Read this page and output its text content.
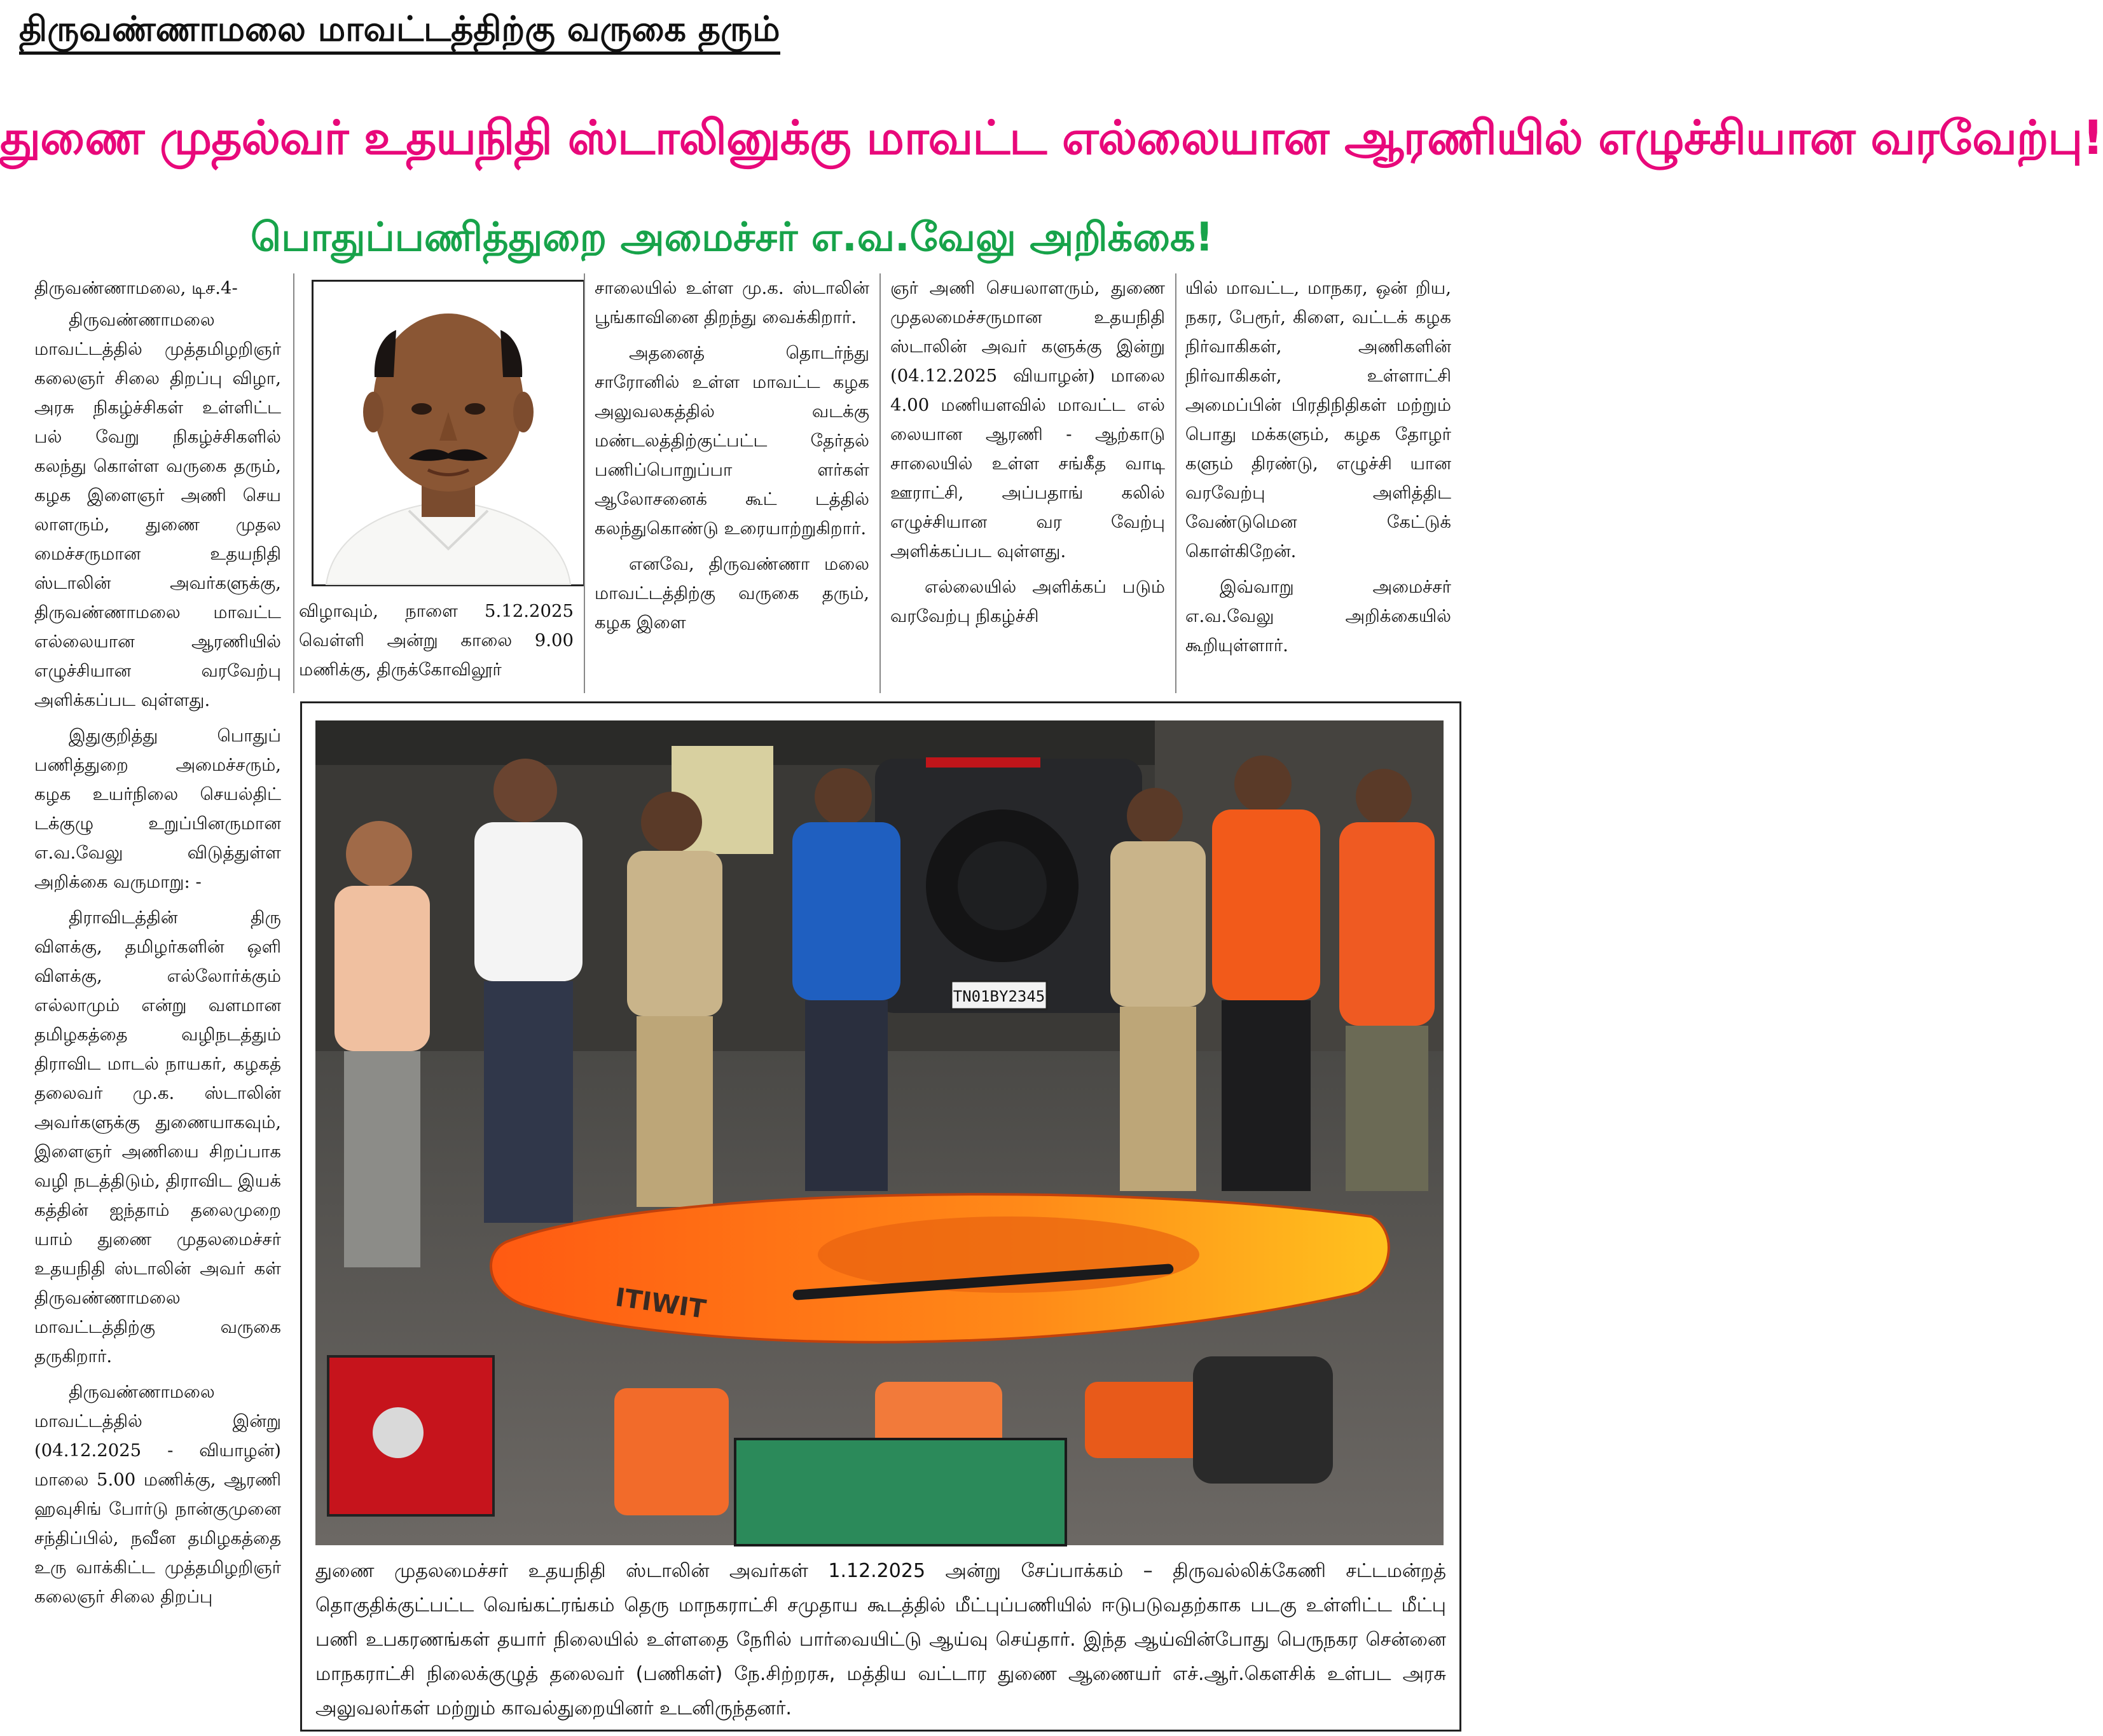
திருவண்ணாமலை மாவட்டத்திற்கு வருகை தரும்
துணை முதல்வர் உதயநிதி ஸ்டாலினுக்கு மாவட்ட எல்லையான ஆரணியில் எழுச்சியான வரவேற்பு!
பொதுப்பணித்துறை அமைச்சர் எ.வ.வேலு அறிக்கை!

திருவண்ணாமலை, டிச.4-

திருவண்ணாமலை மாவட்டத்தில் முத்தமிழறிஞர் கலைஞர் சிலை திறப்பு விழா, அரசு நிகழ்ச்சிகள் உள்ளிட்ட பல் வேறு நிகழ்ச்சிகளில் கலந்து கொள்ள வருகை தரும், கழக இளைஞர் அணி செய லாளரும், துணை முதல மைச்சருமான உதயநிதி ஸ்டாலின் அவர்களுக்கு, திருவண்ணாமலை மாவட்ட எல்லையான ஆரணியில் எழுச்சியான வரவேற்பு அளிக்கப்பட வுள்ளது.

இதுகுறித்து பொதுப் பணித்துறை அமைச்சரும், கழக உயர்நிலை செயல்திட் டக்குழு உறுப்பினருமான எ.வ.வேலு விடுத்துள்ள அறிக்கை வருமாறு: -

திராவிடத்தின் திரு விளக்கு, தமிழர்களின் ஒளி விளக்கு, எல்லோர்க்கும் எல்லாமும் என்று வளமான தமிழகத்தை வழிநடத்தும் திராவிட மாடல் நாயகர், கழகத் தலைவர் மு.க. ஸ்டாலின் அவர்களுக்கு துணையாகவும், இளைஞர் அணியை சிறப்பாக வழி நடத்திடும், திராவிட இயக் கத்தின் ஐந்தாம் தலைமுறை யாம் துணை முதலமைச்சர் உதயநிதி ஸ்டாலின் அவர் கள் திருவண்ணாமலை மாவட்டத்திற்கு வருகை தருகிறார்.

திருவண்ணாமலை மாவட்டத்தில் இன்று (04.12.2025 - வியாழன்) மாலை 5.00 மணிக்கு, ஆரணி ஹவுசிங் போர்டு நான்குமுனை சந்திப்பில், நவீன தமிழகத்தை உரு வாக்கிட்ட முத்தமிழறிஞர் கலைஞர் சிலை திறப்பு

விழாவும், நாளை 5.12.2025 வெள்ளி அன்று காலை 9.00 மணிக்கு, திருக்கோவிலூர்

சாலையில் உள்ள மு.க. ஸ்டாலின் பூங்காவினை திறந்து வைக்கிறார்.

அதனைத் தொடர்ந்து சாரோனில் உள்ள மாவட்ட கழக அலுவலகத்தில் வடக்கு மண்டலத்திற்குட்பட்ட தேர்தல் பணிப்பொறுப்பா ளர்கள் ஆலோசனைக் கூட் டத்தில் கலந்துகொண்டு உரையாற்றுகிறார்.

எனவே, திருவண்ணா மலை மாவட்டத்திற்கு வருகை தரும், கழக இளை

ஞர் அணி செயலாளரும், துணை முதலமைச்சருமான உதயநிதி ஸ்டாலின் அவர் களுக்கு இன்று (04.12.2025 வியாழன்) மாலை 4.00 மணியளவில் மாவட்ட எல் லையான ஆரணி - ஆற்காடு சாலையில் உள்ள சங்கீத வாடி ஊராட்சி, அப்பதாங் கலில் எழுச்சியான வர வேற்பு அளிக்கப்பட வுள்ளது.

எல்லையில் அளிக்கப் படும் வரவேற்பு நிகழ்ச்சி

யில் மாவட்ட, மாநகர, ஒன் றிய, நகர, பேரூர், கிளை, வட்டக் கழக நிர்வாகிகள், அணிகளின் நிர்வாகிகள், உள்ளாட்சி அமைப்பின் பிரதிநிதிகள் மற்றும் பொது மக்களும், கழக தோழர் களும் திரண்டு, எழுச்சி யான வரவேற்பு அளித்திட வேண்டுமென கேட்டுக் கொள்கிறேன்.

இவ்வாறு அமைச்சர் எ.வ.வேலு அறிக்கையில் கூறியுள்ளார்.

TN01BY2345
ITIWIT
துணை முதலமைச்சர் உதயநிதி ஸ்டாலின் அவர்கள் 1.12.2025 அன்று சேப்பாக்கம் – திருவல்லிக்கேணி சட்டமன்றத் தொகுதிக்குட்பட்ட வெங்கட்ரங்கம் தெரு மாநகராட்சி சமுதாய கூடத்தில் மீட்புப்பணியில் ஈடுபடுவதற்காக படகு உள்ளிட்ட மீட்பு பணி உபகரணங்கள் தயார் நிலையில் உள்ளதை நேரில் பார்வையிட்டு ஆய்வு செய்தார். இந்த ஆய்வின்போது பெருநகர சென்னை மாநகராட்சி நிலைக்குழுத் தலைவர் (பணிகள்) நே.சிற்றரசு, மத்திய வட்டார துணை ஆணையர் எச்.ஆர்.கௌசிக் உள்பட அரசு அலுவலர்கள் மற்றும் காவல்துறையினர் உடனிருந்தனர்.
